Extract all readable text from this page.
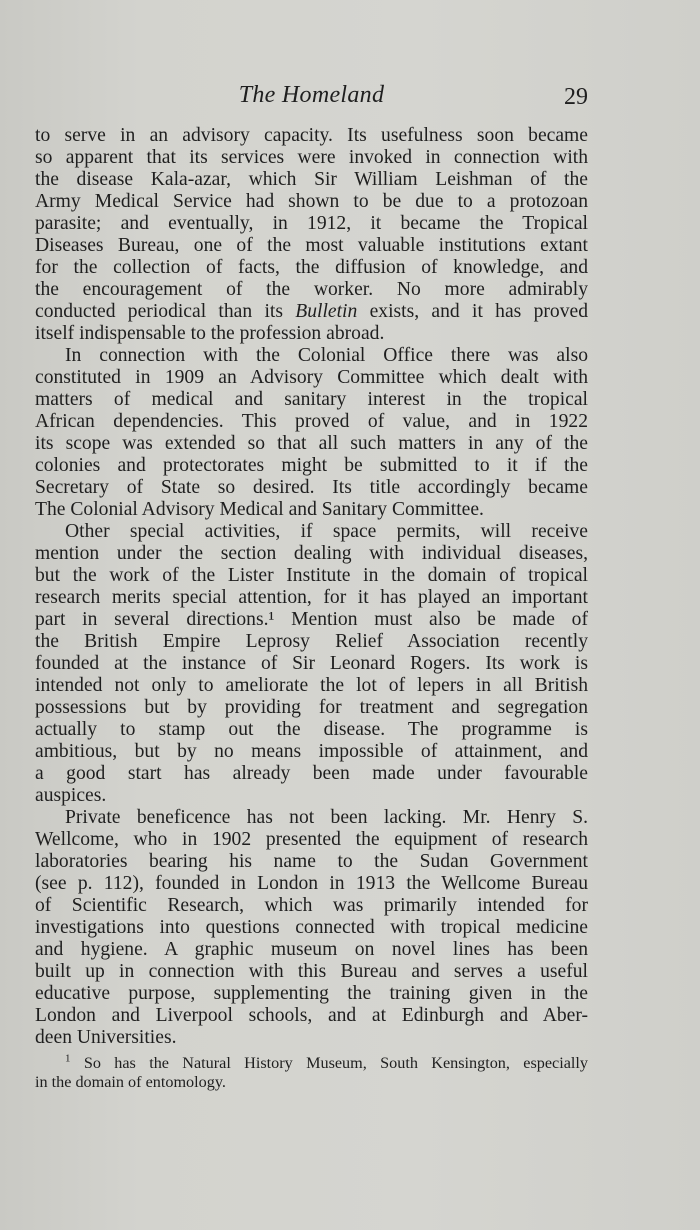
The Homeland	29
to serve in an advisory capacity. Its usefulness soon became
so apparent that its services were invoked in connection with
the disease Kala-azar, which Sir William Leishman of the
Army Medical Service had shown to be due to a protozoan
parasite; and eventually, in 1912, it became the Tropical
Diseases Bureau, one of the most valuable institutions extant
for the collection of facts, the diffusion of knowledge, and
the encouragement of the worker. No more admirably
conducted periodical than its Bulletin exists, and it has proved
itself indispensable to the profession abroad.
In connection with the Colonial Office there was also
constituted in 1909 an Advisory Committee which dealt with
matters of medical and sanitary interest in the tropical
African dependencies. This proved of value, and in 1922
its scope was extended so that all such matters in any of the
colonies and protectorates might be submitted to it if the
Secretary of State so desired. Its title accordingly became
The Colonial Advisory Medical and Sanitary Committee.
Other special activities, if space permits, will receive
mention under the section dealing with individual diseases,
but the work of the Lister Institute in the domain of tropical
research merits special attention, for it has played an important
part in several directions.¹ Mention must also be made of
the British Empire Leprosy Relief Association recently
founded at the instance of Sir Leonard Rogers. Its work is
intended not only to ameliorate the lot of lepers in all British
possessions but by providing for treatment and segregation
actually to stamp out the disease. The programme is
ambitious, but by no means impossible of attainment, and
a good start has already been made under favourable
auspices.
Private beneficence has not been lacking. Mr. Henry S.
Wellcome, who in 1902 presented the equipment of research
laboratories bearing his name to the Sudan Government
(see p. 112), founded in London in 1913 the Wellcome Bureau
of Scientific Research, which was primarily intended for
investigations into questions connected with tropical medicine
and hygiene. A graphic museum on novel lines has been
built up in connection with this Bureau and serves a useful
educative purpose, supplementing the training given in the
London and Liverpool schools, and at Edinburgh and Aber-
deen Universities.
$^1$ So has the Natural History Museum, South Kensington, especially
in the domain of entomology.
